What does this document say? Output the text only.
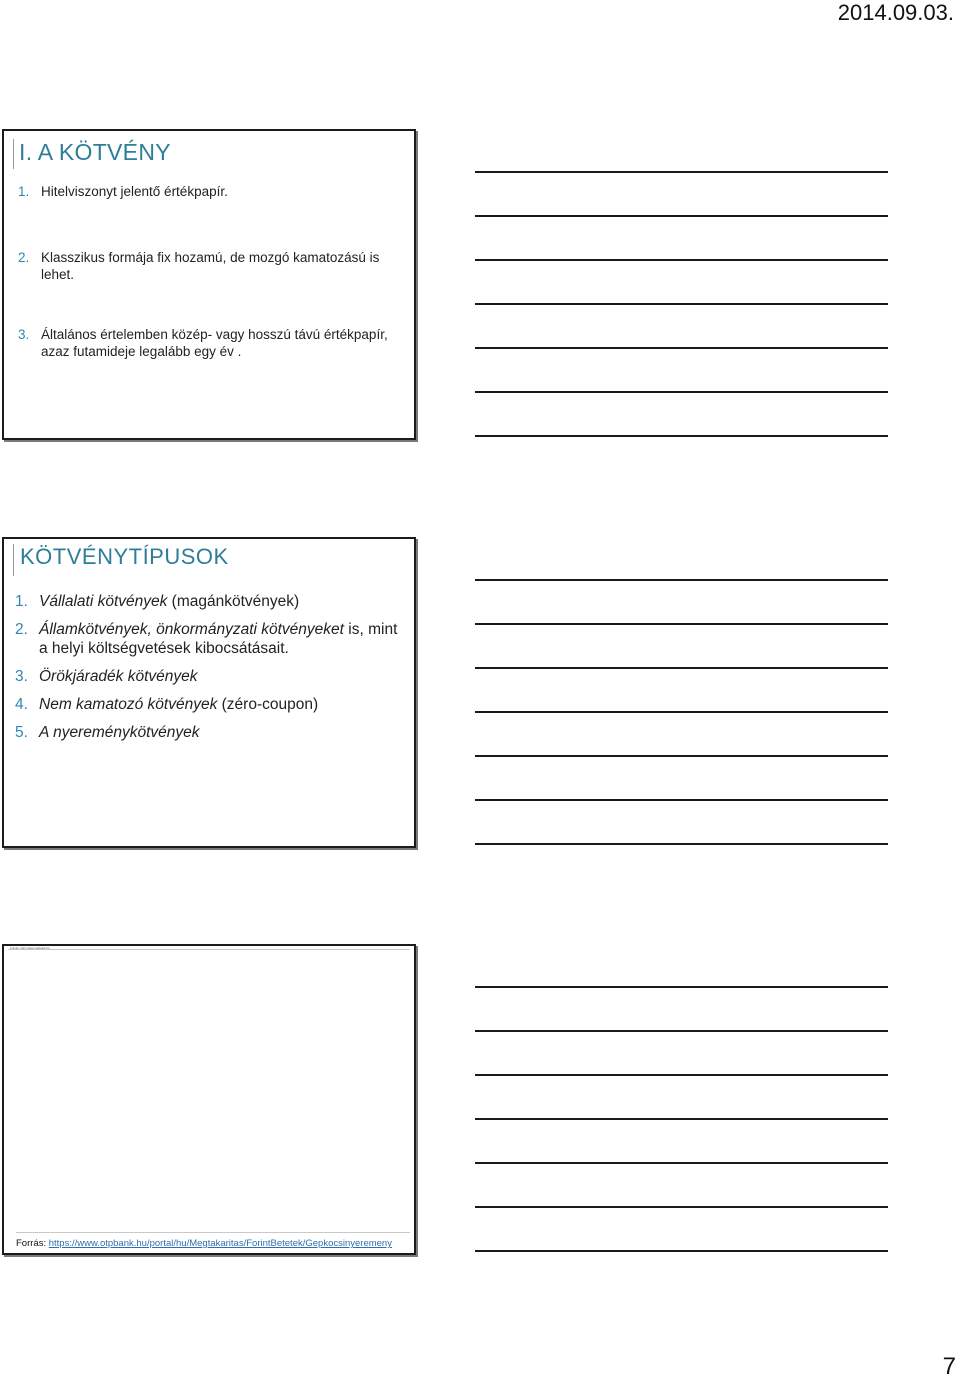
2014.09.03.
I. A KÖTVÉNY
1. Hitelviszonyt jelentő értékpapír.
2. Klasszikus formája fix hozamú, de mozgó kamatozású is lehet.
3. Általános értelemben közép- vagy hosszú távú értékpapír, azaz futamideje legalább egy év .
KÖTVÉNYTÍPUSOK
1. Vállalati kötvények (magánkötvények)
2. Államkötvények, önkormányzati kötvényeket is, mint a helyi költségvetések kibocsátásait.
3. Örökjáradék kötvények
4. Nem kamatozó kötvények (zéro-coupon)
5. A nyereménykötvények
Forrás: http://www.otpbank.hu
Forrás: https://www.otpbank.hu/portal/hu/Megtakaritas/ForintBetetek/Gepkocsinyeremeny
7
